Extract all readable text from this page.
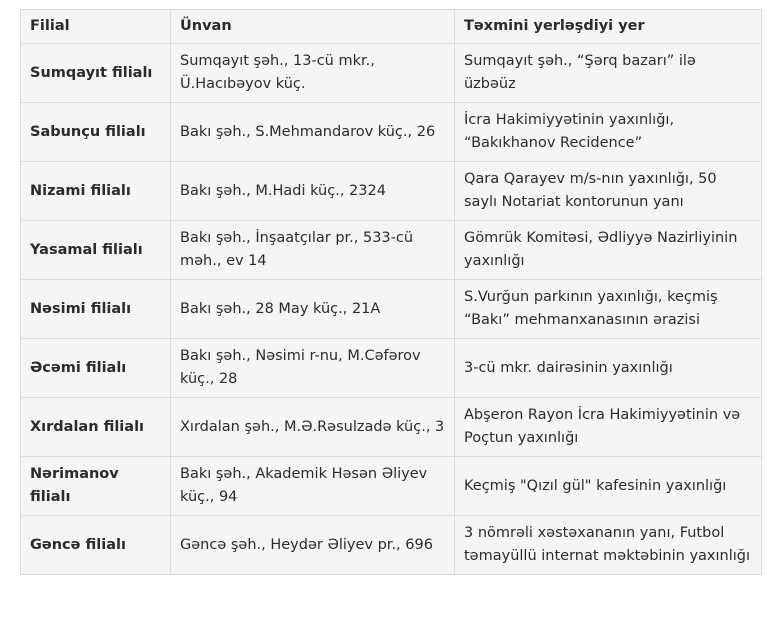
Filial	Ünvan	Təxmini yerləşdiyi yer
Sumqayıt filialı	Sumqayıt şəh., 13-cü mkr., Ü.Hacıbəyov küç.	Sumqayıt şəh., “Şərq bazarı” ilə üzbəüz
Sabunçu filialı	Bakı şəh., S.Mehmandarov küç., 26	İcra Hakimiyyətinin yaxınlığı, “Bakıkhanov Recidence”
Nizami filialı	Bakı şəh., M.Hadi küç., 2324	Qara Qarayev m/s-nın yaxınlığı, 50 saylı Notariat kontorunun yanı
Yasamal filialı	Bakı şəh., İnşaatçılar pr., 533-cü məh., ev 14	Gömrük Komitəsi, Ədliyyə Nazirliyinin yaxınlığı
Nəsimi filialı	Bakı şəh., 28 May küç., 21A	S.Vurğun parkının yaxınlığı, keçmiş “Bakı” mehmanxanasının ərazisi
Əcəmi filialı	Bakı şəh., Nəsimi r-nu, M.Cəfərov küç., 28	3-cü mkr. dairəsinin yaxınlığı
Xırdalan filialı	Xırdalan şəh., M.Ə.Rəsulzadə küç., 3	Abşeron Rayon İcra Hakimiyyətinin və Poçtun yaxınlığı
Nərimanov filialı	Bakı şəh., Akademik Həsən Əliyev küç., 94	Keçmiş "Qızıl gül" kafesinin yaxınlığı
Gəncə filialı	Gəncə şəh., Heydər Əliyev pr., 696	3 nömrəli xəstəxananın yanı, Futbol təmayüllü internat məktəbinin yaxınlığı
